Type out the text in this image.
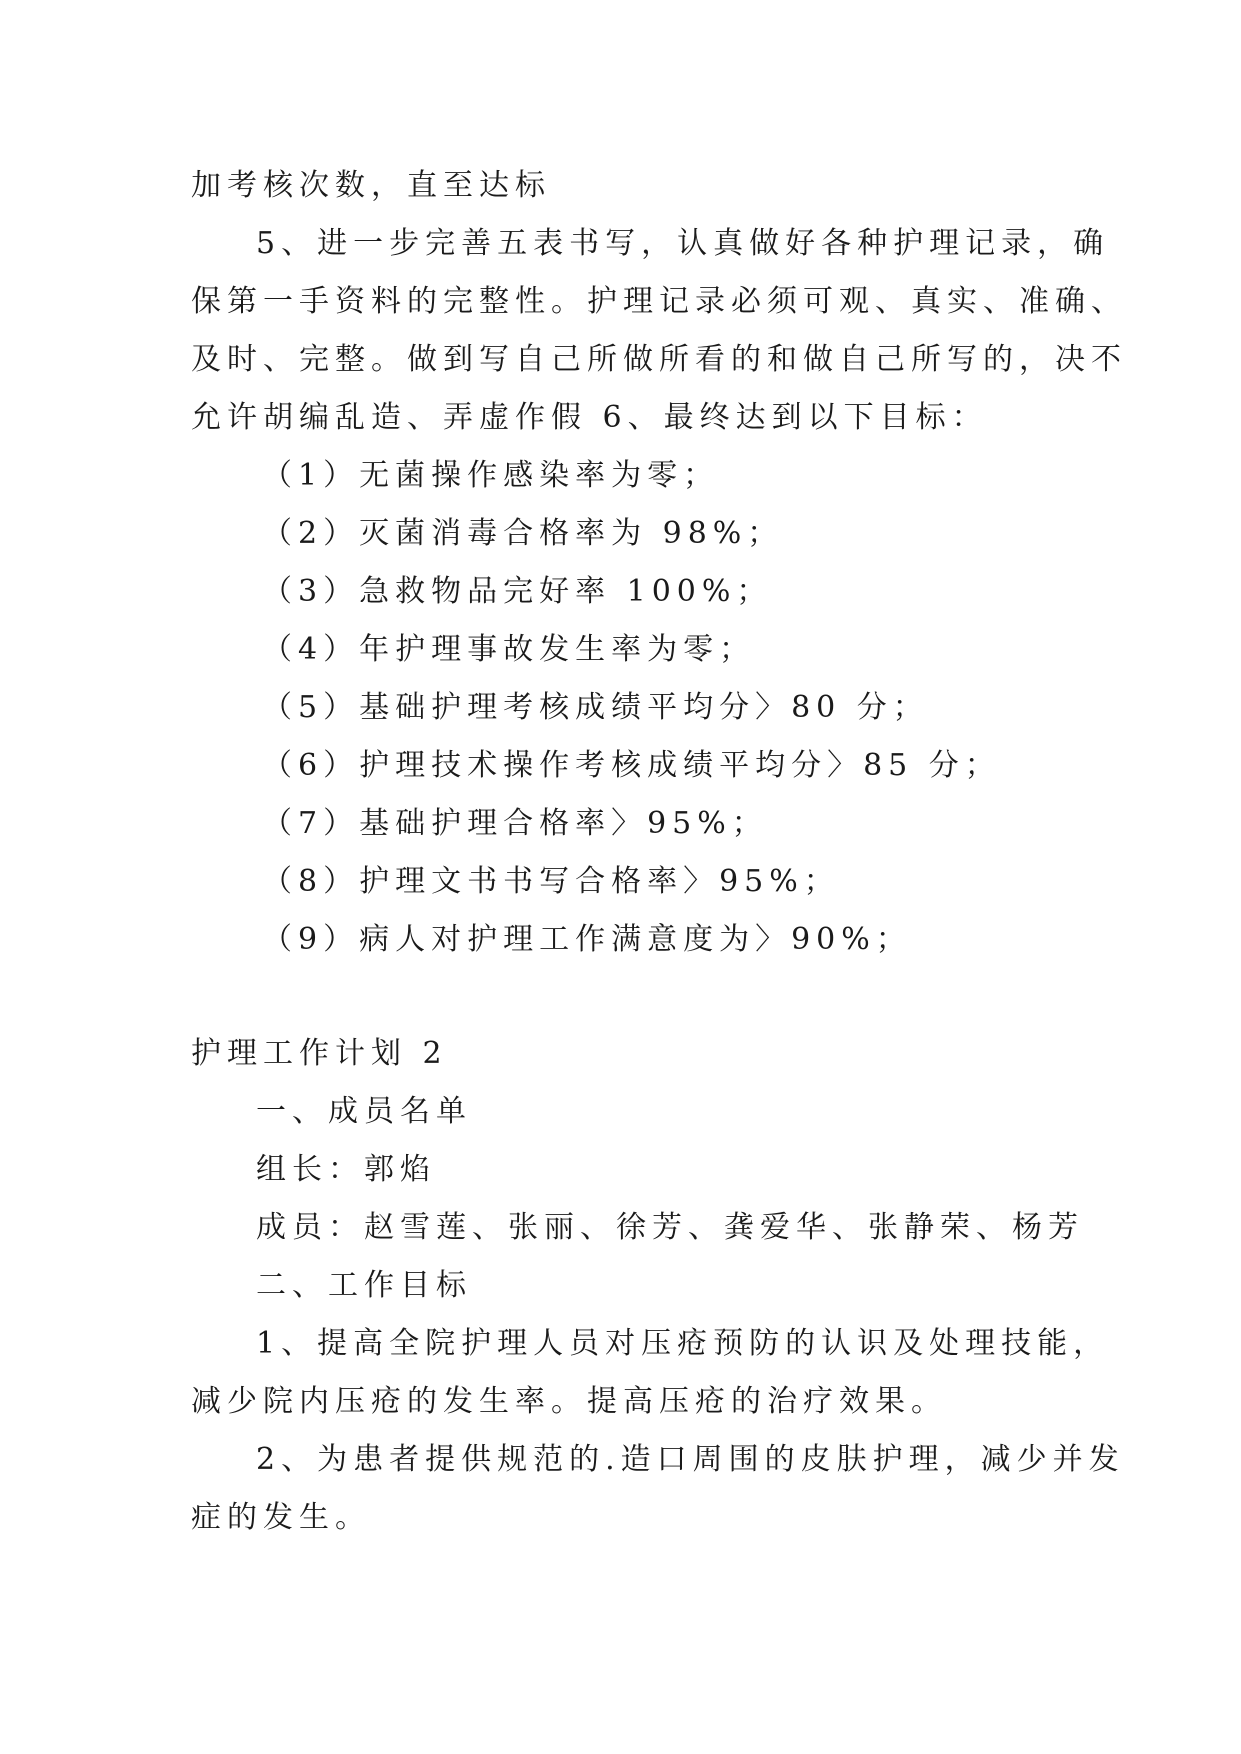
加考核次数，直至达标
5、进一步完善五表书写，认真做好各种护理记录，确
保第一手资料的完整性。护理记录必须可观、真实、准确、
及时、完整。做到写自己所做所看的和做自己所写的，决不
允许胡编乱造、弄虚作假 6、最终达到以下目标：
（1）无菌操作感染率为零；
（2）灭菌消毒合格率为 98%；
（3）急救物品完好率 100%；
（4）年护理事故发生率为零；
（5）基础护理考核成绩平均分〉80 分；
（6）护理技术操作考核成绩平均分〉85 分；
（7）基础护理合格率〉95%；
（8）护理文书书写合格率〉95%；
（9）病人对护理工作满意度为〉90%；
护理工作计划 2
一、成员名单
组长：郭焰
成员：赵雪莲、张丽、徐芳、龚爱华、张静荣、杨芳
二、工作目标
1、提高全院护理人员对压疮预防的认识及处理技能，
减少院内压疮的发生率。提高压疮的治疗效果。
2、为患者提供规范的.造口周围的皮肤护理，减少并发
症的发生。
